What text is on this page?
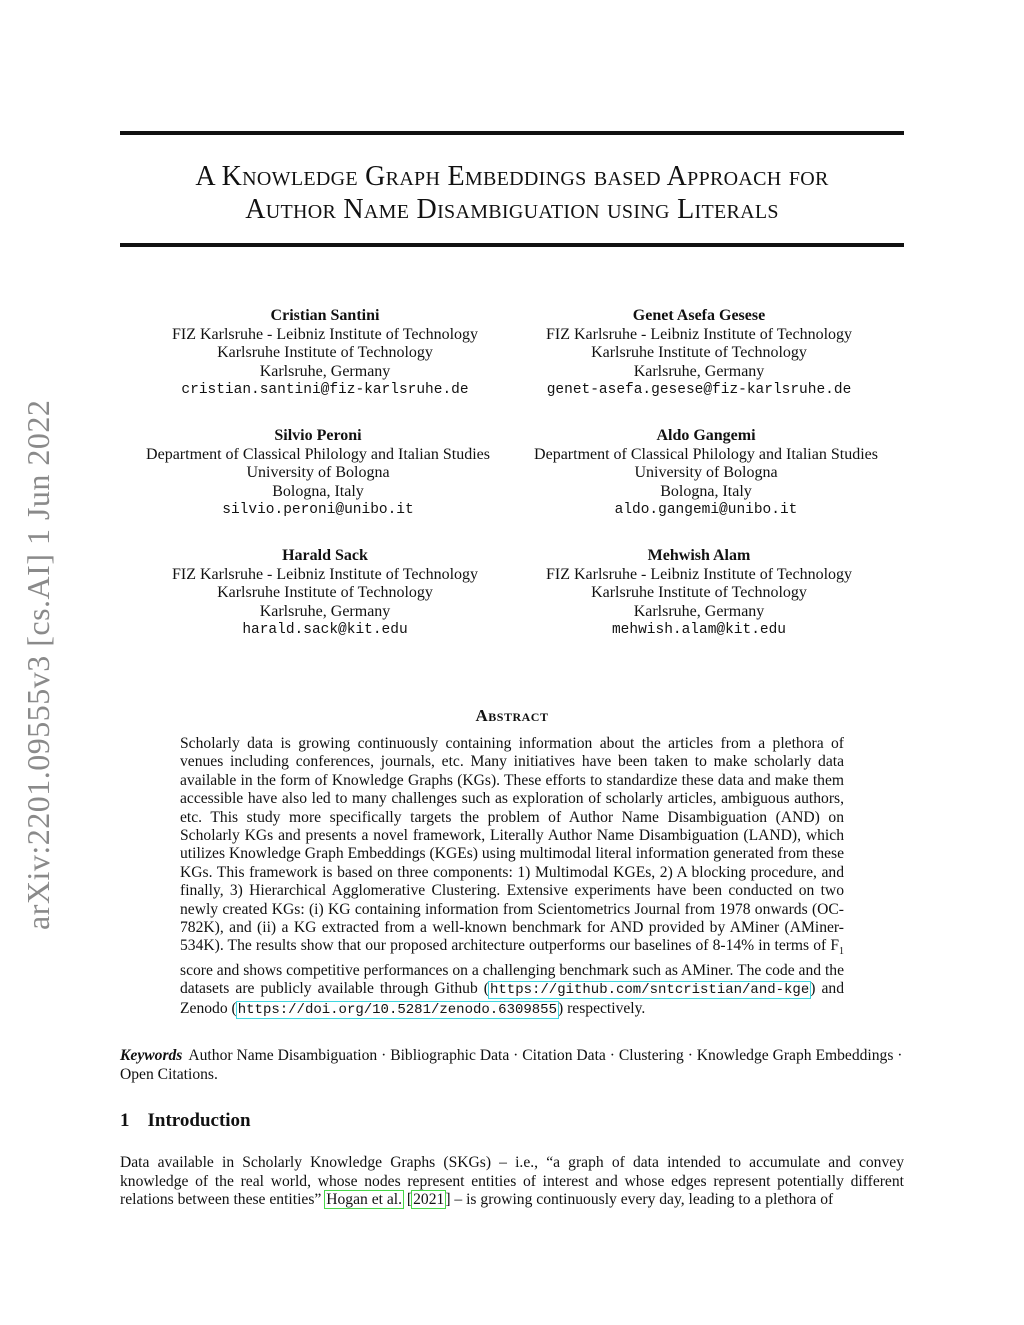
A Knowledge Graph Embeddings based Approach for
Author Name Disambiguation using Literals
arXiv:2201.09555v3 [cs.AI] 1 Jun 2022
Cristian Santini
FIZ Karlsruhe - Leibniz Institute of Technology
Karlsruhe Institute of Technology
Karlsruhe, Germany
cristian.santini@fiz-karlsruhe.de
Genet Asefa Gesese
FIZ Karlsruhe - Leibniz Institute of Technology
Karlsruhe Institute of Technology
Karlsruhe, Germany
genet-asefa.gesese@fiz-karlsruhe.de
Silvio Peroni
Department of Classical Philology and Italian Studies
University of Bologna
Bologna, Italy
silvio.peroni@unibo.it
Aldo Gangemi
Department of Classical Philology and Italian Studies
University of Bologna
Bologna, Italy
aldo.gangemi@unibo.it
Harald Sack
FIZ Karlsruhe - Leibniz Institute of Technology
Karlsruhe Institute of Technology
Karlsruhe, Germany
harald.sack@kit.edu
Mehwish Alam
FIZ Karlsruhe - Leibniz Institute of Technology
Karlsruhe Institute of Technology
Karlsruhe, Germany
mehwish.alam@kit.edu
Abstract
Scholarly data is growing continuously containing information about the articles from a plethora of venues including conferences, journals, etc. Many initiatives have been taken to make scholarly data available in the form of Knowledge Graphs (KGs). These efforts to standardize these data and make them accessible have also led to many challenges such as exploration of scholarly articles, ambiguous authors, etc. This study more specifically targets the problem of Author Name Disambiguation (AND) on Scholarly KGs and presents a novel framework, Literally Author Name Disambiguation (LAND), which utilizes Knowledge Graph Embeddings (KGEs) using multimodal literal information generated from these KGs. This framework is based on three components: 1) Multimodal KGEs, 2) A blocking procedure, and finally, 3) Hierarchical Agglomerative Clustering. Extensive experiments have been conducted on two newly created KGs: (i) KG containing information from Scientometrics Journal from 1978 onwards (OC-782K), and (ii) a KG extracted from a well-known benchmark for AND provided by AMiner (AMiner-534K). The results show that our proposed architecture outperforms our baselines of 8-14% in terms of $F_1$ score and shows competitive performances on a challenging benchmark such as AMiner. The code and the datasets are publicly available through Github (https://github.com/sntcristian/and-kge) and Zenodo (https://doi.org/10.5281/zenodo.6309855) respectively.
Keywords Author Name Disambiguation · Bibliographic Data · Citation Data · Clustering · Knowledge Graph Embeddings · Open Citations.
1 Introduction
Data available in Scholarly Knowledge Graphs (SKGs) – i.e., “a graph of data intended to accumulate and convey knowledge of the real world, whose nodes represent entities of interest and whose edges represent potentially different relations between these entities” Hogan et al. [2021] – is growing continuously every day, leading to a plethora of
